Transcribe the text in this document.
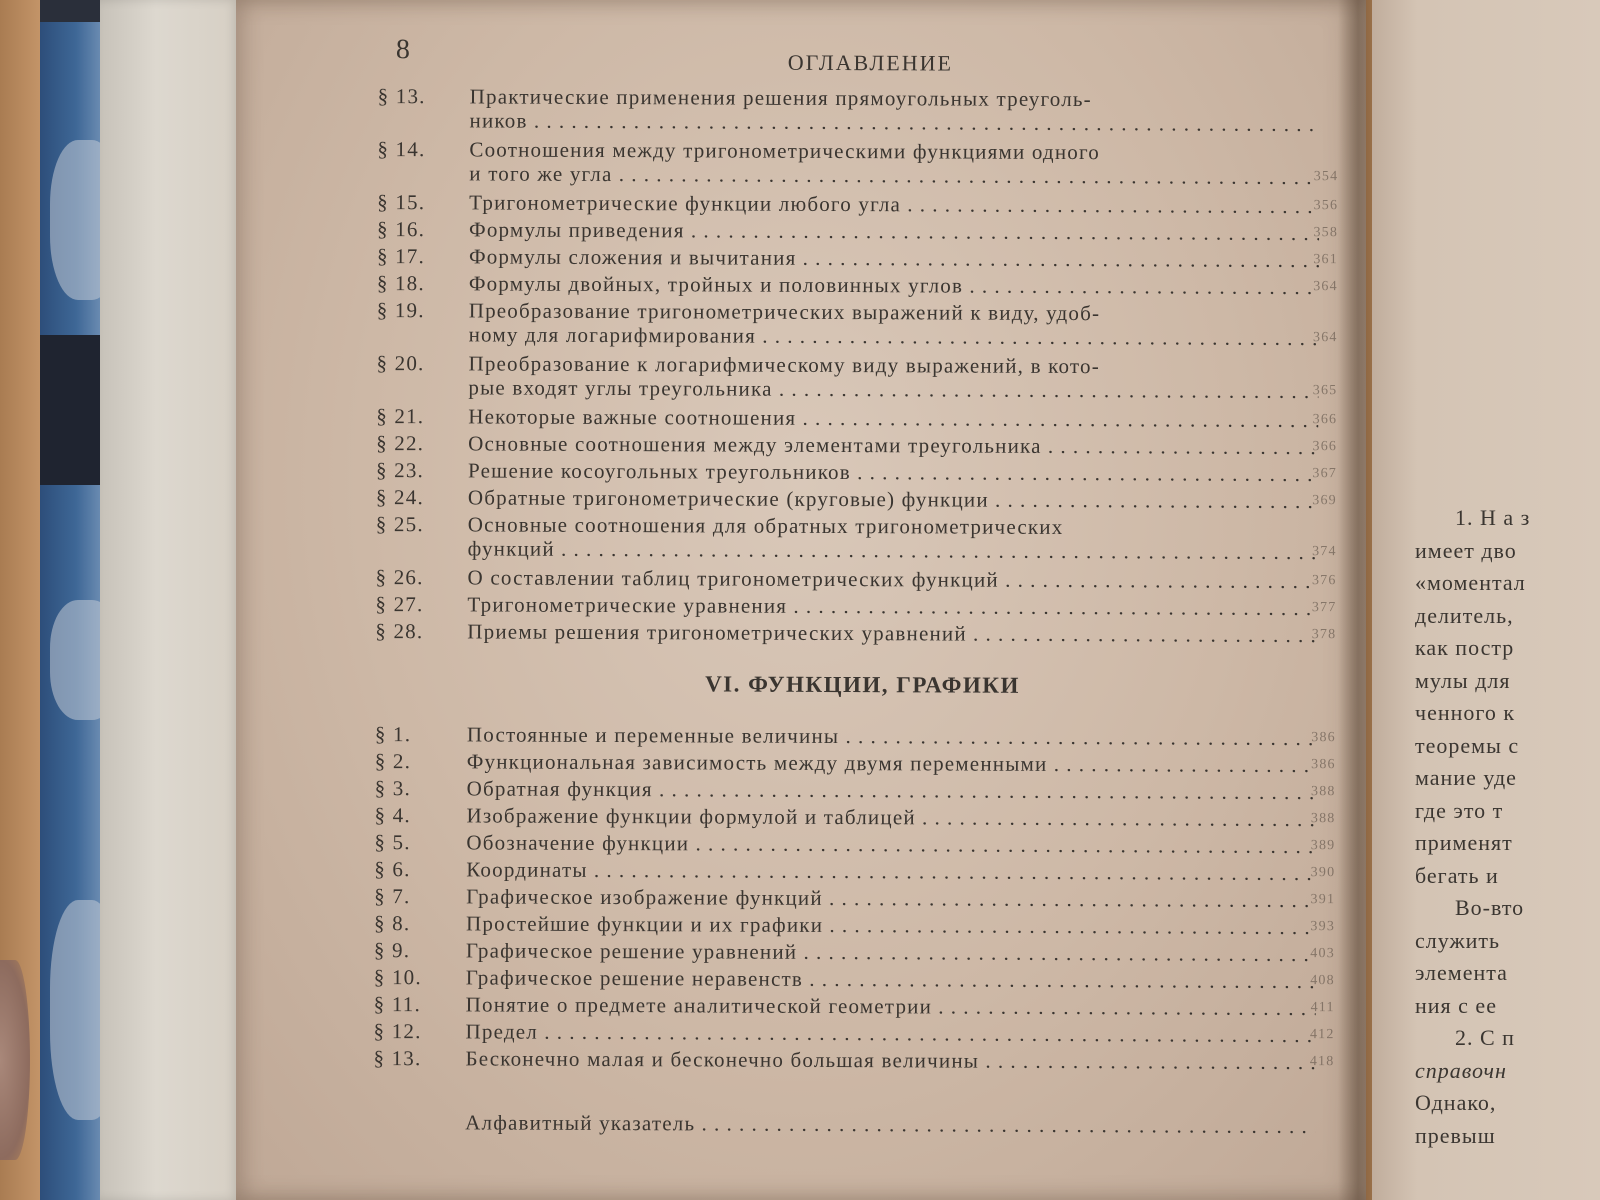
8	ОГЛАВЛЕНИЕ
§ 13.	Практические применения решения прямоугольных треуголь-
ников . . .
§ 14.	Соотношения между тригонометрическими функциями одного
и того же угла . . .	354
§ 15.	Тригонометрические функции любого угла . . .	356
§ 16.	Формулы приведения . . .	358
§ 17.	Формулы сложения и вычитания . . .	361
§ 18.	Формулы двойных, тройных и половинных углов . . .	364
§ 19.	Преобразование тригонометрических выражений к виду, удоб-
ному для логарифмирования . . .	364
§ 20.	Преобразование к логарифмическому виду выражений, в кото-
рые входят углы треугольника . . .	365
§ 21.	Некоторые важные соотношения . . .	366
§ 22.	Основные соотношения между элементами треугольника . . .	366
§ 23.	Решение косоугольных треугольников . . .	367
§ 24.	Обратные тригонометрические (круговые) функции . . .	369
§ 25.	Основные соотношения для обратных тригонометрических
функций . . .	374
§ 26.	О составлении таблиц тригонометрических функций . . .	376
§ 27.	Тригонометрические уравнения . . .	377
§ 28.	Приемы решения тригонометрических уравнений . . .	378
VI. ФУНКЦИИ, ГРАФИКИ
§ 1.	Постоянные и переменные величины . . .	386
§ 2.	Функциональная зависимость между двумя переменными . . .	386
§ 3.	Обратная функция . . .	388
§ 4.	Изображение функции формулой и таблицей . . .	388
§ 5.	Обозначение функции . . .	389
§ 6.	Координаты . . .	390
§ 7.	Графическое изображение функций . . .	391
§ 8.	Простейшие функции и их графики . . .	393
§ 9.	Графическое решение уравнений . . .	403
§ 10.	Графическое решение неравенств . . .	408
§ 11.	Понятие о предмете аналитической геометрии . . .	411
§ 12.	Предел . . .	412
§ 13.	Бесконечно малая и бесконечно большая величины . . .	418
Алфавитный указатель . . .
1. Н а з
имеет дво
«моментал
делитель,
как постр
мулы для
ченного к
теоремы с
мание уде
где это т
применят
бегать и
Во-вто
служить
элемента
ния с ее
2. С п
справочн
Однако,
превыш
